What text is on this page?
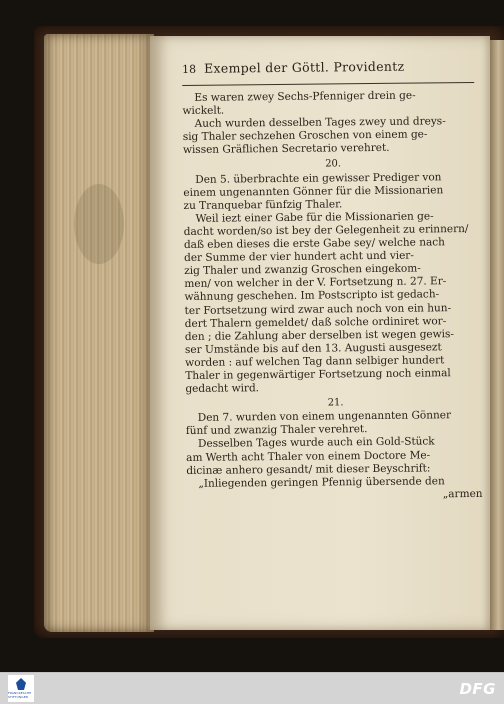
18 Exempel der Göttl. Providentz
Es waren zwey Sechs-Pfenniger drein ge-
wickelt.
Auch wurden desselben Tages zwey und dreys-
sig Thaler sechzehen Groschen von einem ge-
wissen Gräflichen Secretario verehret.
20.
Den 5. überbrachte ein gewisser Prediger von
einem ungenannten Gönner für die Missionarien
zu Tranquebar fünfzig Thaler.
Weil iezt einer Gabe für die Missionarien ge-
dacht worden/so ist bey der Gelegenheit zu erinnern/
daß eben dieses die erste Gabe sey/ welche nach
der Summe der vier hundert acht und vier-
zig Thaler und zwanzig Groschen eingekom-
men/ von welcher in der V. Fortsetzung n. 27. Er-
wähnung geschehen. Im Postscripto ist gedach-
ter Fortsetzung wird zwar auch noch von ein hun-
dert Thalern gemeldet/ daß solche ordiniret wor-
den ; die Zahlung aber derselben ist wegen gewis-
ser Umstände bis auf den 13. Augusti ausgesezt
worden : auf welchen Tag dann selbiger hundert
Thaler in gegenwärtiger Fortsetzung noch einmal
gedacht wird.
21.
Den 7. wurden von einem ungenannten Gönner
fünf und zwanzig Thaler verehret.
Desselben Tages wurde auch ein Gold-Stück
am Werth acht Thaler von einem Doctore Me-
dicinæ anhero gesandt/ mit dieser Beyschrift:
„Inliegenden geringen Pfennig übersende den
„armen
FRANCKESCHE STIFTUNGEN	DFG
